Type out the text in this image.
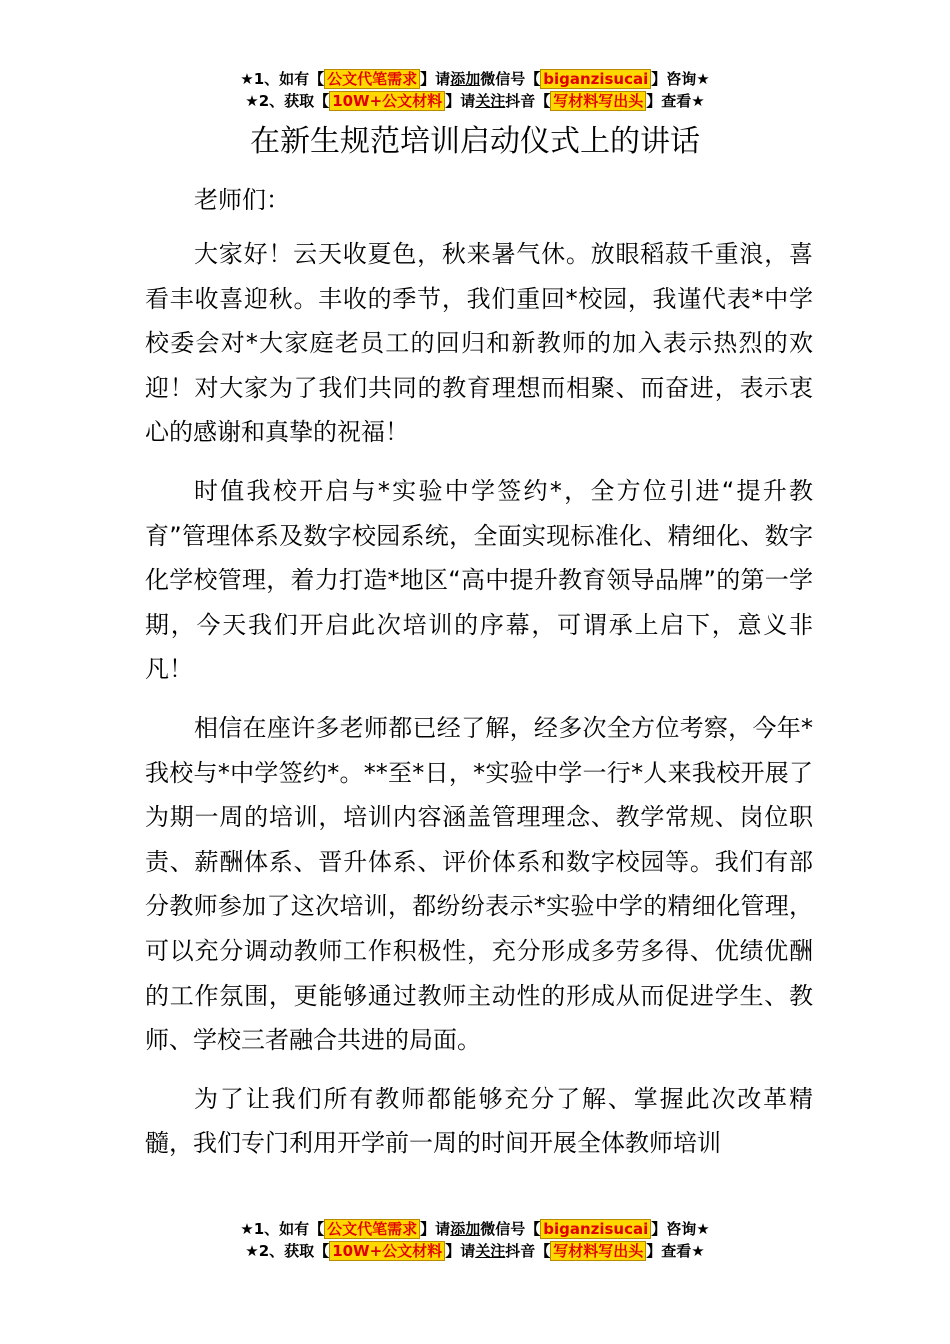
★1、如有【 公文代笔需求 】请添加微信号【 biganzisucai 】咨询★
★2、获取【 10W+公文材料 】请关注抖音【 写材料写出头 】查看★
在新生规范培训启动仪式上的讲话
老师们：

大家好！云天收夏色，秋来暑气休。放眼稻菽千重浪，喜看丰收喜迎秋。丰收的季节，我们重回*校园，我谨代表*中学校委会对*大家庭老员工的回归和新教师的加入表示热烈的欢迎！对大家为了我们共同的教育理想而相聚、而奋进，表示衷心的感谢和真挚的祝福！

时值我校开启与*实验中学签约*，全方位引进“提升教育”管理体系及数字校园系统，全面实现标准化、精细化、数字化学校管理，着力打造*地区“高中提升教育领导品牌”的第一学期，今天我们开启此次培训的序幕，可谓承上启下，意义非凡！

相信在座许多老师都已经了解，经多次全方位考察，今年*我校与*中学签约*。**至*日，*实验中学一行*人来我校开展了为期一周的培训，培训内容涵盖管理理念、教学常规、岗位职责、薪酬体系、晋升体系、评价体系和数字校园等。我们有部分教师参加了这次培训，都纷纷表示*实验中学的精细化管理，可以充分调动教师工作积极性，充分形成多劳多得、优绩优酬的工作氛围，更能够通过教师主动性的形成从而促进学生、教师、学校三者融合共进的局面。

为了让我们所有教师都能够充分了解、掌握此次改革精髓，我们专门利用开学前一周的时间开展全体教师培训

★1、如有【 公文代笔需求 】请添加微信号【 biganzisucai 】咨询★
★2、获取【 10W+公文材料 】请关注抖音【 写材料写出头 】查看★
